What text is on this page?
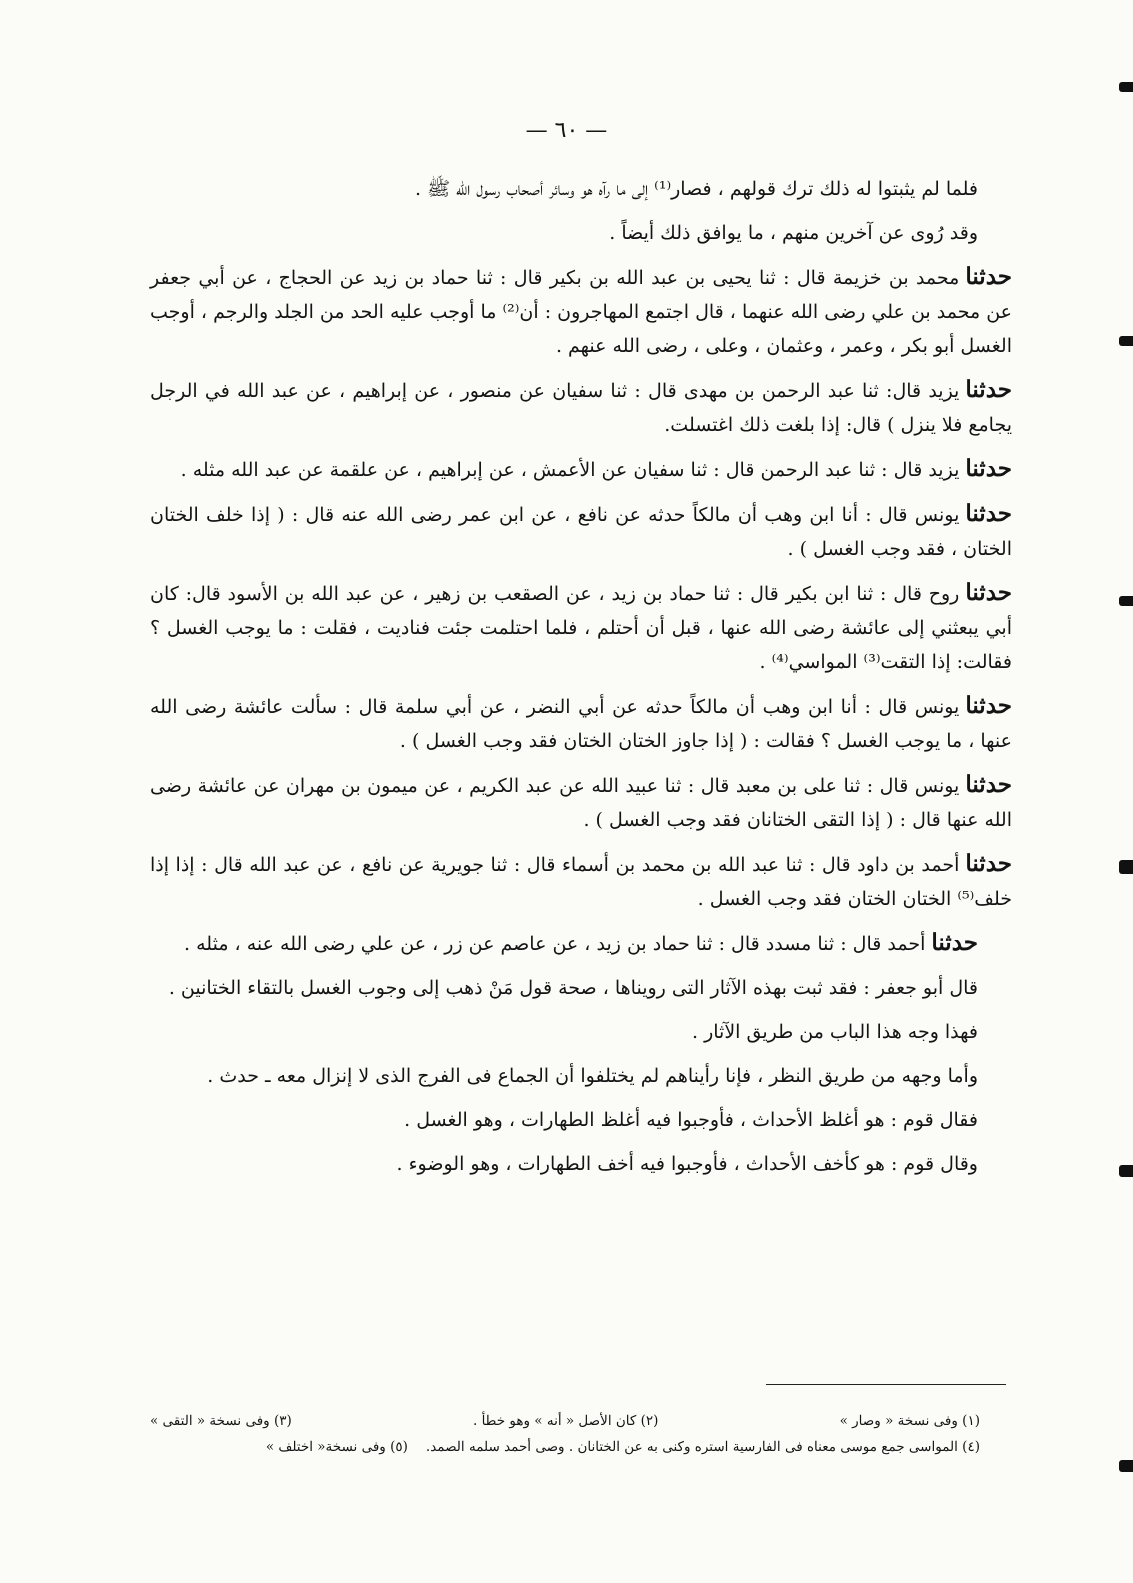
— ٦٠ —

فلما لم يثبتوا له ذلك ترك قولهم ، فصار⁽¹⁾ إلى ما رآه هو وسائر أصحاب رسول الله ﷺ .

وقد رُوى عن آخرين منهم ، ما يوافق ذلك أيضاً .

حدثنامحمد بن خزيمة قال : ثنا يحيى بن عبد الله بن بكير قال : ثنا حماد بن زيد عن الحجاج ، عن أبي جعفر عن محمد بن علي رضى الله عنهما ، قال اجتمع المهاجرون : أن⁽²⁾ ما أوجب عليه الحد من الجلد والرجم ، أوجب الغسل أبو بكر ، وعمر ، وعثمان ، وعلى ، رضى الله عنهم .

حدثنايزيد قال: ثنا عبد الرحمن بن مهدى قال : ثنا سفيان عن منصور ، عن إبراهيم ، عن عبد الله في الرجل يجامع فلا ينزل ) قال: إذا بلغت ذلك اغتسلت.

حدثنايزيد قال : ثنا عبد الرحمن قال : ثنا سفيان عن الأعمش ، عن إبراهيم ، عن علقمة عن عبد الله مثله .

حدثنايونس قال : أنا ابن وهب أن مالكاً حدثه عن نافع ، عن ابن عمر رضى الله عنه قال : ( إذا خلف الختان الختان ، فقد وجب الغسل ) .

حدثناروح قال : ثنا ابن بكير قال : ثنا حماد بن زيد ، عن الصقعب بن زهير ، عن عبد الله بن الأسود قال: كان أبي يبعثني إلى عائشة رضى الله عنها ، قبل أن أحتلم ، فلما احتلمت جئت فناديت ، فقلت : ما يوجب الغسل ؟ فقالت: إذا التقت⁽³⁾ المواسي⁽⁴⁾ .

حدثنايونس قال : أنا ابن وهب أن مالكاً حدثه عن أبي النضر ، عن أبي سلمة قال : سألت عائشة رضى الله عنها ، ما يوجب الغسل ؟ فقالت : ( إذا جاوز الختان الختان فقد وجب الغسل ) .

حدثنايونس قال : ثنا على بن معبد قال : ثنا عبيد الله عن عبد الكريم ، عن ميمون بن مهران عن عائشة رضى الله عنها قال : ( إذا التقى الختانان فقد وجب الغسل ) .

حدثناأحمد بن داود قال : ثنا عبد الله بن محمد بن أسماء قال : ثنا جويرية عن نافع ، عن عبد الله قال : إذا إذا خلف⁽⁵⁾ الختان الختان فقد وجب الغسل .

حدثناأحمد قال : ثنا مسدد قال : ثنا حماد بن زيد ، عن عاصم عن زر ، عن علي رضى الله عنه ، مثله .

قال أبو جعفر : فقد ثبت بهذه الآثار التى رويناها ، صحة قول مَنْ ذهب إلى وجوب الغسل بالتقاء الختانين .

فهذا وجه هذا الباب من طريق الآثار .

وأما وجهه من طريق النظر ، فإنا رأيناهم لم يختلفوا أن الجماع فى الفرج الذى لا إنزال معه ـ حدث .

فقال قوم : هو أغلظ الأحداث ، فأوجبوا فيه أغلظ الطهارات ، وهو الغسل .

وقال قوم : هو كأخف الأحداث ، فأوجبوا فيه أخف الطهارات ، وهو الوضوء .

(١) وفى نسخة « وصار »
(٢) كان الأصل « أنه » وهو خطأ .
(٣) وفى نسخة « التقى »
(٤) المواسى جمع موسى معناه فى الفارسية استره وكنى به عن الختانان . وصى أحمد سلمه الصمد.
(٥) وفى نسخة« اختلف »
